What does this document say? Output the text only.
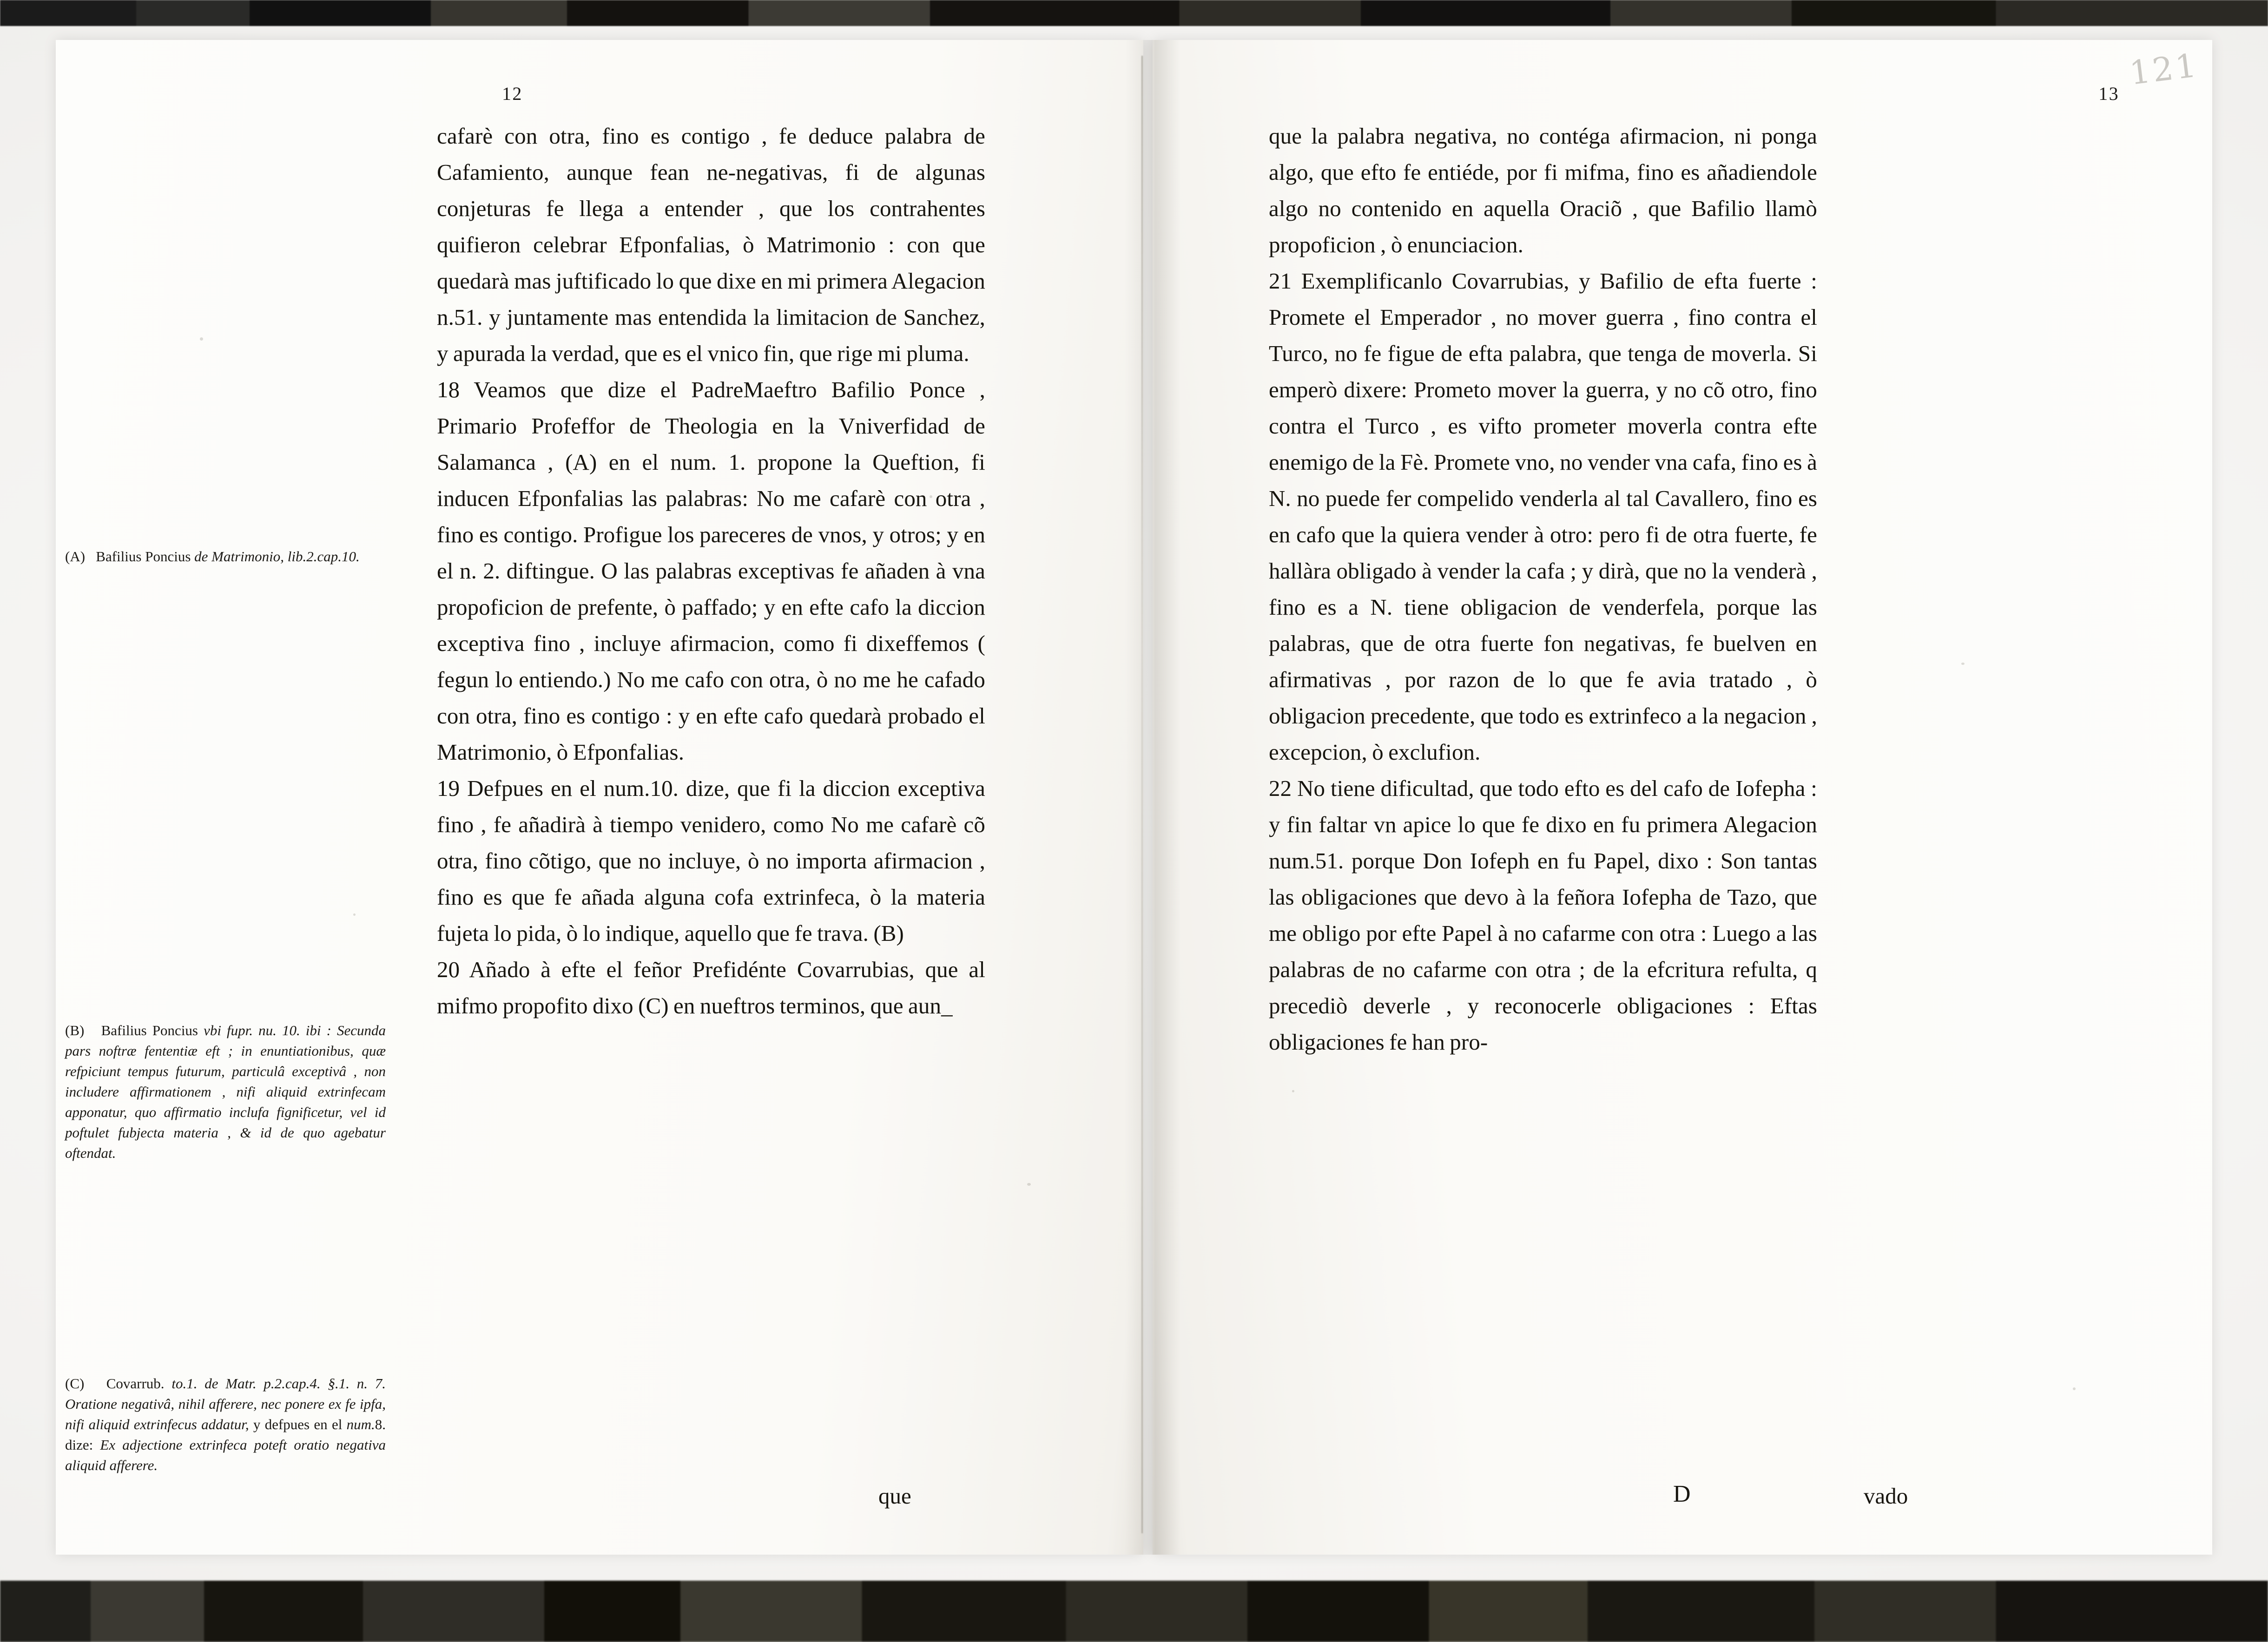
12
(A) Bafilius Poncius de Matrimonio, lib.2.cap.10.
(B) Bafilius Poncius vbi fupr. nu. 10. ibi : Secunda pars noftræ fententiæ eft ; in enuntiationibus, quæ refpiciunt tempus futurum, particulâ exceptivâ , non includere affirmationem , nifi aliquid extrinfecam apponatur, quo affirmatio inclufa fignificetur, vel id poftulet fubjecta materia , & id de quo agebatur oftendat.
(C) Covarrub. to.1. de Matr. p.2.cap.4. §.1. n. 7. Oratione negativâ, nihil afferere, nec ponere ex fe ipfa, nifi aliquid extrinfecus addatur, y defpues en el num.8. dize: Ex adjectione extrinfeca poteft oratio negativa aliquid afferere.

cafarè con otra, fino es contigo , fe deduce palabra de Cafamiento, aunque fean ne-negativas, fi de algunas conjeturas fe llega a entender , que los contrahentes quifieron celebrar Efponfalias, ò Matrimonio : con que quedarà mas juftificado lo que dixe en mi primera Alegacion n.51. y juntamente mas entendida la limitacion de Sanchez, y apurada la verdad, que es el vnico fin, que rige mi pluma.

18 Veamos que dize el PadreMaeftro Bafilio Ponce , Primario Profeffor de Theologia en la Vniverfidad de Salamanca , (A) en el num. 1. propone la Queftion, fi inducen Efponfalias las palabras: No me cafarè con otra , fino es contigo. Profigue los pareceres de vnos, y otros; y en el n. 2. diftingue. O las palabras exceptivas fe añaden à vna propoficion de prefente, ò paffado; y en efte cafo la diccion exceptiva fino , incluye afirmacion, como fi dixeffemos ( fegun lo entiendo.) No me cafo con otra, ò no me he cafado con otra, fino es contigo : y en efte cafo quedarà probado el Matrimonio, ò Efponfalias.

19 Defpues en el num.10. dize, que fi la diccion exceptiva fino , fe añadirà à tiempo venidero, como No me cafarè cõ otra, fino cõtigo, que no incluye, ò no importa afirmacion , fino es que fe añada alguna cofa extrinfeca, ò la materia fujeta lo pida, ò lo indique, aquello que fe trava. (B)

20 Añado à efte el feñor Prefidénte Covarrubias, que al mifmo propofito dixo (C) en nueftros terminos, que aun_

que
13

que la palabra negativa, no contéga afirmacion, ni ponga algo, que efto fe entiéde, por fi mifma, fino es añadiendole algo no contenido en aquella Oraciõ , que Bafilio llamò propoficion , ò enunciacion.

21 Exemplificanlo Covarrubias, y Bafilio de efta fuerte : Promete el Emperador , no mover guerra , fino contra el Turco, no fe figue de efta palabra, que tenga de moverla. Si emperò dixere: Prometo mover la guerra, y no cõ otro, fino contra el Turco , es vifto prometer moverla contra efte enemigo de la Fè. Promete vno, no vender vna cafa, fino es à N. no puede fer compelido venderla al tal Cavallero, fino es en cafo que la quiera vender à otro: pero fi de otra fuerte, fe hallàra obligado à vender la cafa ; y dirà, que no la venderà , fino es a N. tiene obligacion de venderfela, porque las palabras, que de otra fuerte fon negativas, fe buelven en afirmativas , por razon de lo que fe avia tratado , ò obligacion precedente, que todo es extrinfeco a la negacion , excepcion, ò exclufion.

22 No tiene dificultad, que todo efto es del cafo de Iofepha : y fin faltar vn apice lo que fe dixo en fu primera Alegacion num.51. porque Don Iofeph en fu Papel, dixo : Son tantas las obligaciones que devo à la feñora Iofepha de Tazo, que me obligo por efte Papel à no cafarme con otra : Luego a las palabras de no cafarme con otra ; de la efcritura refulta, q precediò deverle , y reconocerle obligaciones : Eftas obligaciones fe han pro-

D	vado
121
